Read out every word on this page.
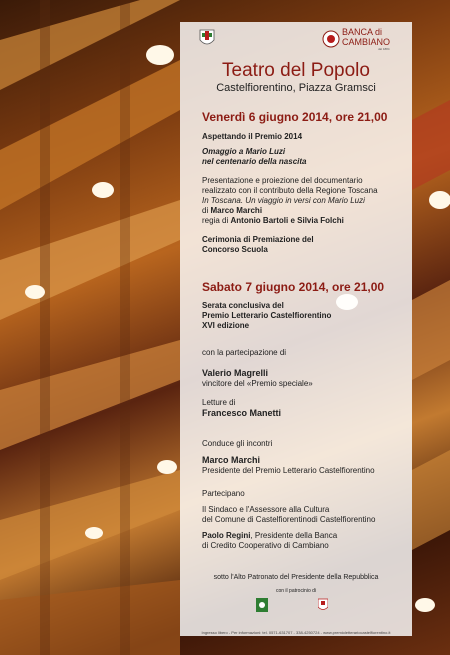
BANCA di
CAMBIANO
dal 1884
Teatro del Popolo
Castelfiorentino, Piazza Gramsci
Venerdì 6 giugno 2014, ore 21,00
Aspettando il Premio 2014
Omaggio a Mario Luzi
nel centenario della nascita
Presentazione e proiezione del documentario
realizzato con il contributo della Regione Toscana
In Toscana. Un viaggio in versi con Mario Luzi
di Marco Marchi
regia di Antonio Bartoli e Silvia Folchi
Cerimonia di Premiazione del
Concorso Scuola
Sabato 7 giugno 2014, ore 21,00
Serata conclusiva del
Premio Letterario Castelfiorentino
XVI edizione
con la partecipazione di
Valerio Magrelli
vincitore del «Premio speciale»
Letture di
Francesco Manetti
Conduce gli incontri
Marco Marchi
Presidente del Premio Letterario Castelfiorentino
Partecipano
Il Sindaco e l'Assessore alla Cultura
del Comune di Castelfiorentinodi Castelfiorentino
Paolo Regini, Presidente della Banca
di Credito Cooperativo di Cambiano
sotto l'Alto Patronato del Presidente della Repubblica
con il patrocinio di
Ingresso libero - Per informazioni: tel. 0571-631707 - 338-4250724 - www.premioletterariocastelfiorentino.it
